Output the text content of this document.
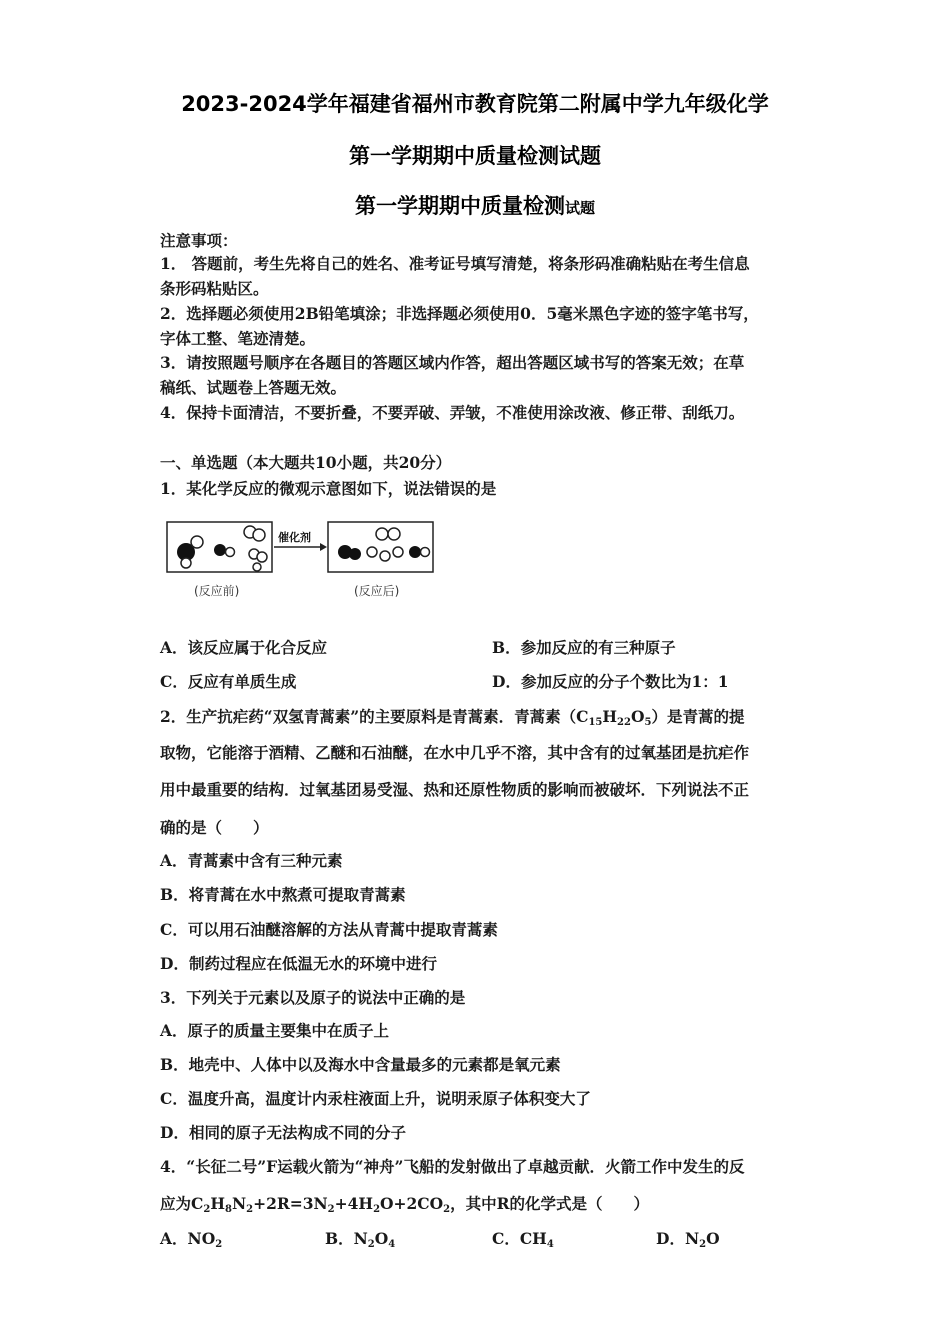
2023-2024学年福建省福州市教育院第二附属中学九年级化学
第一学期期中质量检测试题
第一学期期中质量检测试题
注意事项：
1． 答题前，考生先将自己的姓名、准考证号填写清楚，将条形码准确粘贴在考生信息
条形码粘贴区。
2．选择题必须使用2B铅笔填涂；非选择题必须使用0．5毫米黑色字迹的签字笔书写，
字体工整、笔迹清楚。
3．请按照题号顺序在各题目的答题区域内作答，超出答题区域书写的答案无效；在草
稿纸、试题卷上答题无效。
4．保持卡面清洁，不要折叠，不要弄破、弄皱，不准使用涂改液、修正带、刮纸刀。
一、单选题（本大题共10小题，共20分）
1．某化学反应的微观示意图如下，说法错误的是
催化剂
(反应前)	(反应后)
A．该反应属于化合反应	B．参加反应的有三种原子
C．反应有单质生成	D．参加反应的分子个数比为1：1
2．生产抗疟药“双氢青蒿素”的主要原料是青蒿素．青蒿素$(C_{15}H_{22}O_5)$是青蒿的提
取物，它能溶于酒精、乙醚和石油醚，在水中几乎不溶，其中含有的过氧基团是抗疟作
用中最重要的结构．过氧基团易受湿、热和还原性物质的影响而被破坏．下列说法不正
确的是（　　）
A．青蒿素中含有三种元素
B．将青蒿在水中熬煮可提取青蒿素
C．可以用石油醚溶解的方法从青蒿中提取青蒿素
D．制药过程应在低温无水的环境中进行
3．下列关于元素以及原子的说法中正确的是
A．原子的质量主要集中在质子上
B．地壳中、人体中以及海水中含量最多的元素都是氧元素
C．温度升高，温度计内汞柱液面上升，说明汞原子体积变大了
D．相同的原子无法构成不同的分子
4．“长征二号”F运载火箭为“神舟”飞船的发射做出了卓越贡献．火箭工作中发生的反
应为$C_2H_8N_2+2R=3N_2+4H_2O+2CO_2$，其中R的化学式是（　　）
A．$NO_2$	B．$N_2O_4$	C．$CH_4$	D．$N_2O$
